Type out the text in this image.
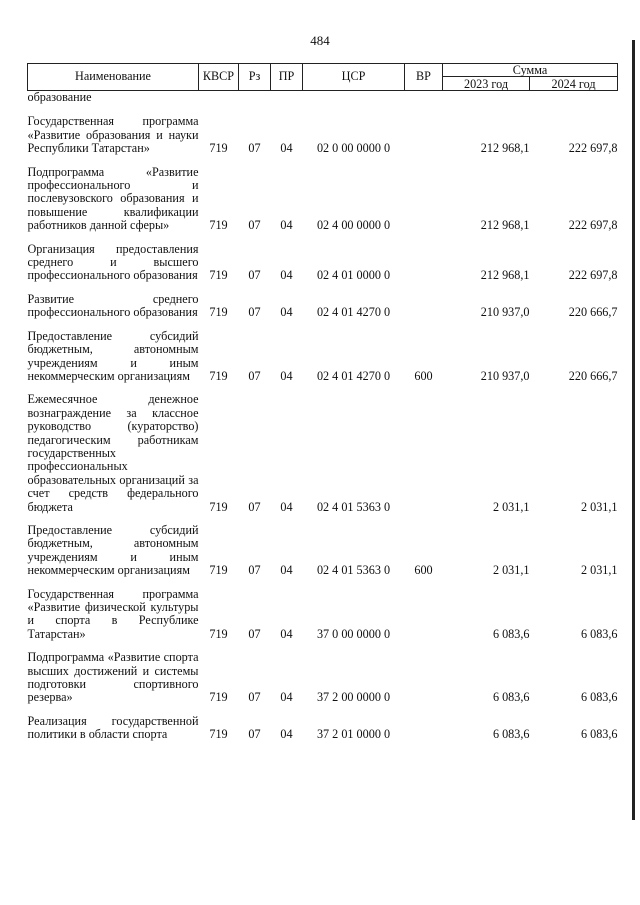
484
Наименование	КВСР	Рз	ПР	ЦСР	ВР	Сумма	
						2023 год	2024 год
образование							
Государственная программа «Развитие образования и науки Республики Татарстан»	719	07	04	02 0 00 0000 0		212 968,1	222 697,8
Подпрограмма «Развитие профессионального и послевузовского образования и повышение квалификации работников данной сферы»	719	07	04	02 4 00 0000 0		212 968,1	222 697,8
Организация предоставления среднего и высшего профессионального образования	719	07	04	02 4 01 0000 0		212 968,1	222 697,8
Развитие среднего профессионального образования	719	07	04	02 4 01 4270 0		210 937,0	220 666,7
Предоставление субсидий бюджетным, автономным учреждениям и иным некоммерческим организациям	719	07	04	02 4 01 4270 0	600	210 937,0	220 666,7
Ежемесячное денежное вознаграждение за классное руководство (кураторство) педагогическим работникам государственных профессиональных образовательных организаций за счет средств федерального бюджета	719	07	04	02 4 01 5363 0		2 031,1	2 031,1
Предоставление субсидий бюджетным, автономным учреждениям и иным некоммерческим организациям	719	07	04	02 4 01 5363 0	600	2 031,1	2 031,1
Государственная программа «Развитие физической культуры и спорта в Республике Татарстан»	719	07	04	37 0 00 0000 0		6 083,6	6 083,6
Подпрограмма «Развитие спорта высших достижений и системы подготовки спортивного резерва»	719	07	04	37 2 00 0000 0		6 083,6	6 083,6
Реализация государственной политики в области спорта	719	07	04	37 2 01 0000 0		6 083,6	6 083,6
